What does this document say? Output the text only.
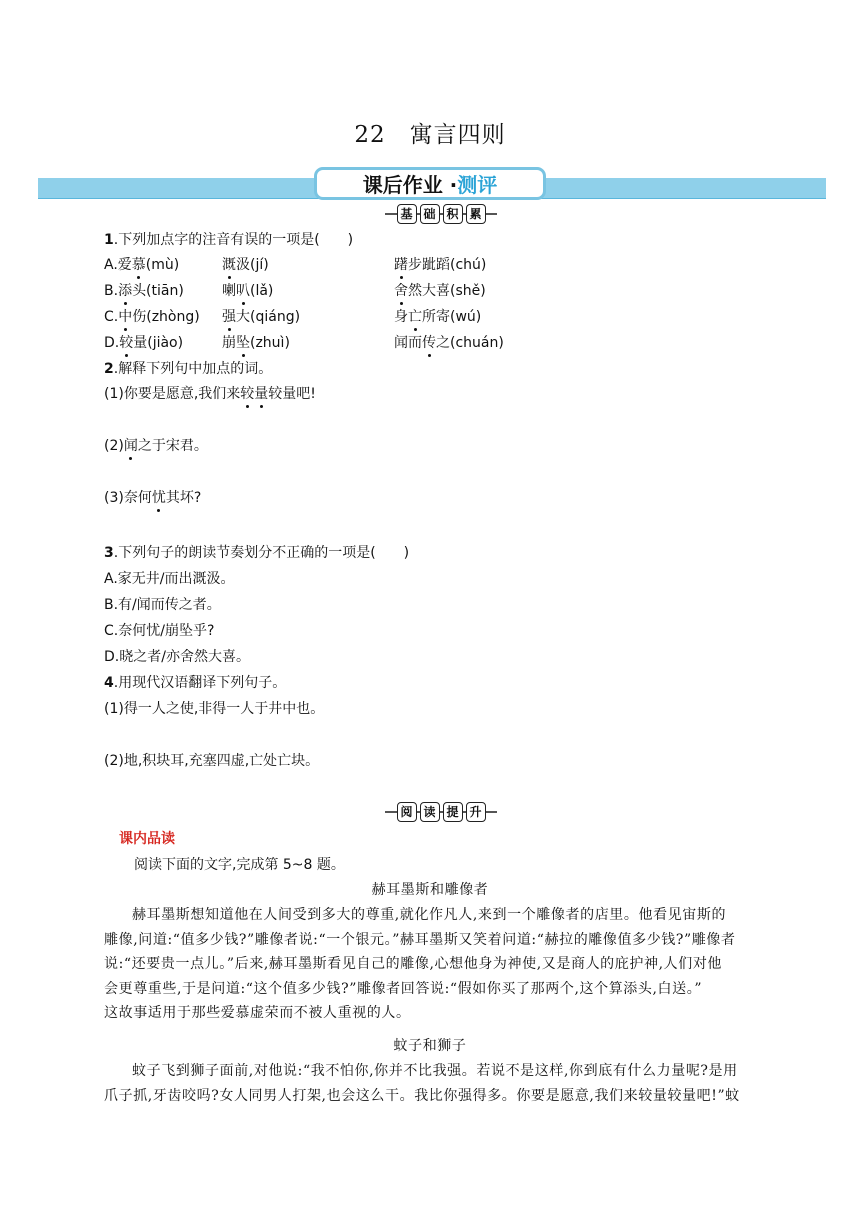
22　寓言四则
课后作业 · 测评
基 础 积 累
1.下列加点字的注音有误的一项是(　　)
A.爱慕(mù)	溉汲(jí)	躇步跐蹈(chú)
B.添头(tiān)	喇叭(lǎ)	舍然大喜(shě)
C.中伤(zhòng) 强大(qiáng)	身亡所寄(wú)
D.较量(jiào)	崩坠(zhuì)	闻而传之(chuán)
2.解释下列句中加点的词。
(1)你要是愿意,我们来较量较量吧!
(2)闻之于宋君。
(3)奈何忧其坏?
3.下列句子的朗读节奏划分不正确的一项是(　　)
A.家无井/而出溉汲。
B.有/闻而传之者。
C.奈何忧/崩坠乎?
D.晓之者/亦舍然大喜。
4.用现代汉语翻译下列句子。
(1)得一人之使,非得一人于井中也。
(2)地,积块耳,充塞四虚,亡处亡块。
阅 读 提 升
课内品读
阅读下面的文字,完成第 5~8 题。
赫耳墨斯和雕像者
赫耳墨斯想知道他在人间受到多大的尊重,就化作凡人,来到一个雕像者的店里。他看见宙斯的
雕像,问道:“值多少钱?”雕像者说:“一个银元。”赫耳墨斯又笑着问道:“赫拉的雕像值多少钱?”雕像者
说:“还要贵一点儿。”后来,赫耳墨斯看见自己的雕像,心想他身为神使,又是商人的庇护神,人们对他
会更尊重些,于是问道:“这个值多少钱?”雕像者回答说:“假如你买了那两个,这个算添头,白送。”
这故事适用于那些爱慕虚荣而不被人重视的人。
蚊子和狮子
蚊子飞到狮子面前,对他说:“我不怕你,你并不比我强。若说不是这样,你到底有什么力量呢?是用
爪子抓,牙齿咬吗?女人同男人打架,也会这么干。我比你强得多。你要是愿意,我们来较量较量吧!”蚊
